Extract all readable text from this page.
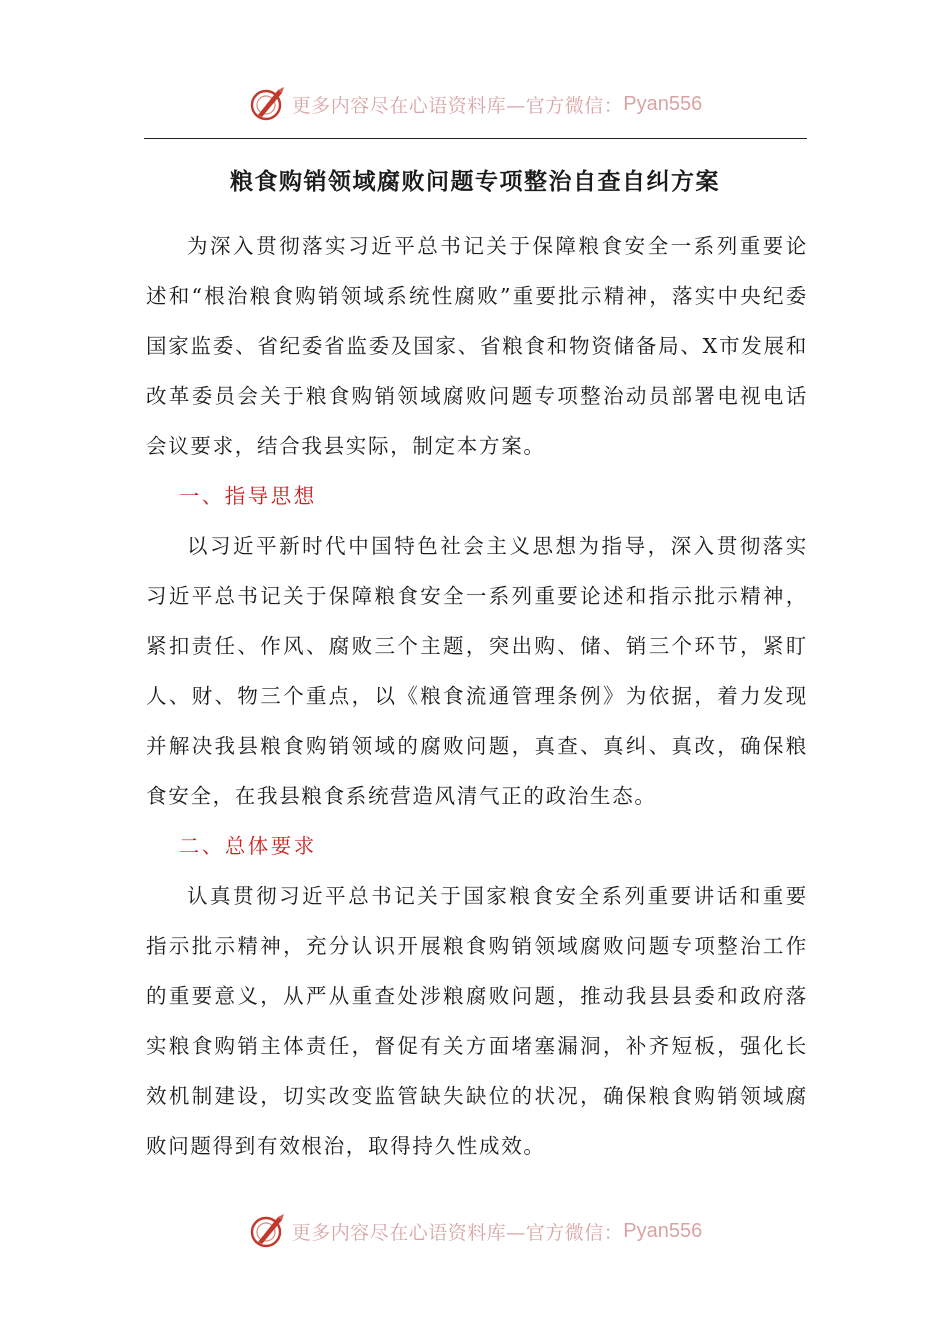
更多内容尽在心语资料库—官方微信： Pyan556
粮食购销领域腐败问题专项整治自查自纠方案

为深入贯彻落实习近平总书记关于保障粮食安全一系列重要论述和“根治粮食购销领域系统性腐败”重要批示精神，落实中央纪委国家监委、省纪委省监委及国家、省粮食和物资储备局、X市发展和改革委员会关于粮食购销领域腐败问题专项整治动员部署电视电话会议要求，结合我县实际，制定本方案。

一、指导思想

以习近平新时代中国特色社会主义思想为指导，深入贯彻落实习近平总书记关于保障粮食安全一系列重要论述和指示批示精神，紧扣责任、作风、腐败三个主题，突出购、储、销三个环节，紧盯人、财、物三个重点，以《粮食流通管理条例》为依据，着力发现并解决我县粮食购销领域的腐败问题，真查、真纠、真改，确保粮食安全，在我县粮食系统营造风清气正的政治生态。

二、总体要求

认真贯彻习近平总书记关于国家粮食安全系列重要讲话和重要指示批示精神，充分认识开展粮食购销领域腐败问题专项整治工作的重要意义，从严从重查处涉粮腐败问题，推动我县县委和政府落实粮食购销主体责任，督促有关方面堵塞漏洞，补齐短板，强化长效机制建设，切实改变监管缺失缺位的状况，确保粮食购销领域腐败问题得到有效根治，取得持久性成效。

更多内容尽在心语资料库—官方微信： Pyan556
